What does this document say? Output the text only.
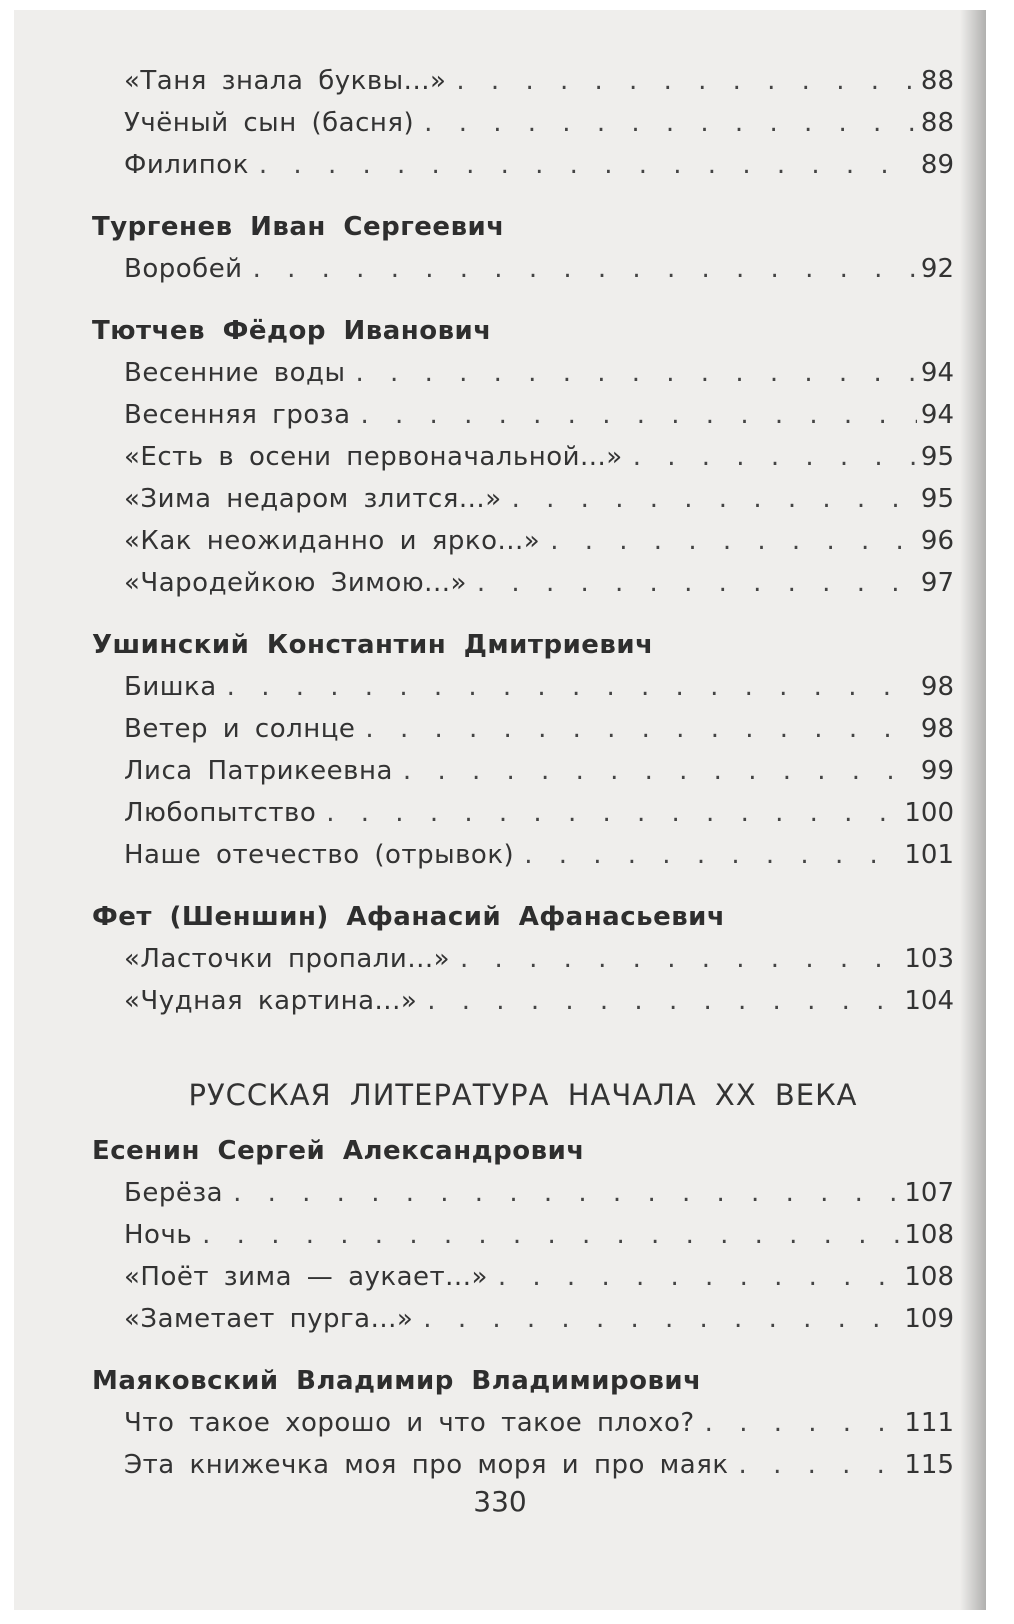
«Таня знала буквы...» . . .	88
Учёный сын (басня) . . .	88
Филипок . . .	89
Тургенев Иван Сергеевич
Воробей . . .	92
Тютчев Фёдор Иванович
Весенние воды . . .	94
Весенняя гроза . . .	94
«Есть в осени первоначальной...» . . .	95
«Зима недаром злится...» . . .	95
«Как неожиданно и ярко...» . . .	96
«Чародейкою Зимою...» . . .	97
Ушинский Константин Дмитриевич
Бишка . . .	98
Ветер и солнце . . .	98
Лиса Патрикеевна . . .	99
Любопытство . . .	100
Наше отечество (отрывок) . . .	101
Фет (Шеншин) Афанасий Афанасьевич
«Ласточки пропали...» . . .	103
«Чудная картина...» . . .	104
РУССКАЯ ЛИТЕРАТУРА НАЧАЛА XX ВЕКА
Есенин Сергей Александрович
Берёза . . .	107
Ночь . . .	108
«Поёт зима — аукает...» . . .	108
«Заметает пурга...» . . .	109
Маяковский Владимир Владимирович
Что такое хорошо и что такое плохо? . . .	111
Эта книжечка моя про моря и про маяк . . .	115
330
